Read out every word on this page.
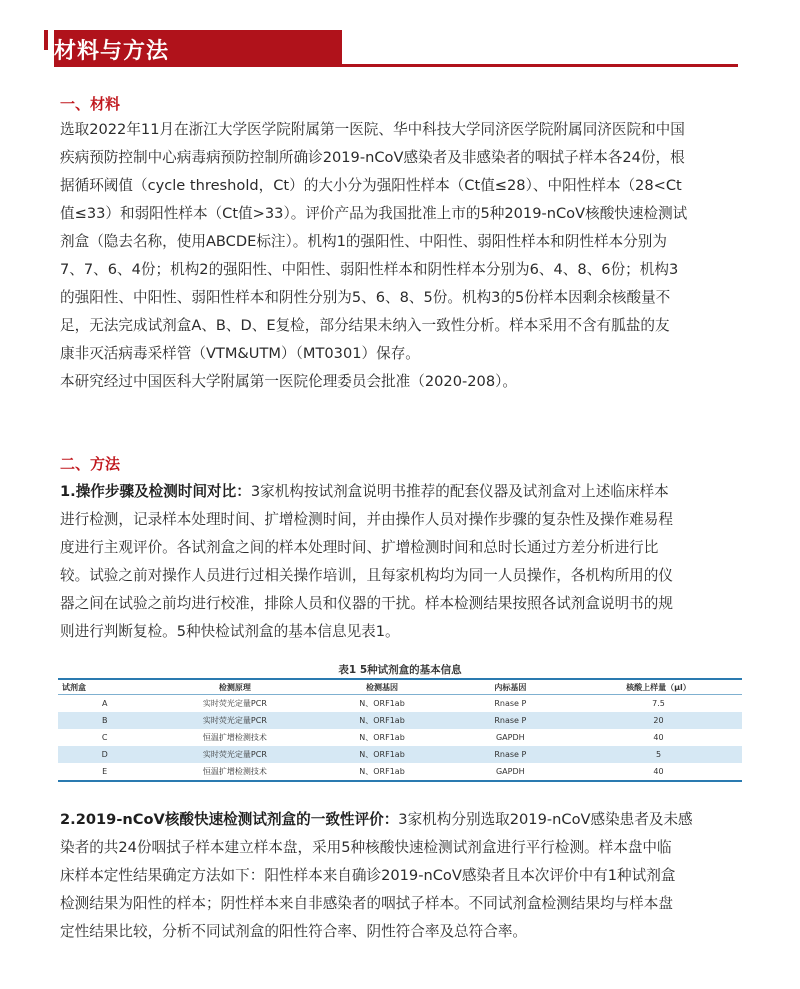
材料与方法
一、材料
选取2022年11月在浙江大学医学院附属第一医院、华中科技大学同济医学院附属同济医院和中国
疾病预防控制中心病毒病预防控制所确诊2019-nCoV感染者及非感染者的咽拭子样本各24份，根
据循环阈值（cycle threshold，Ct）的大小分为强阳性样本（Ct值≤28）、中阳性样本（28<Ct
值≤33）和弱阳性样本（Ct值>33）。评价产品为我国批准上市的5种2019-nCoV核酸快速检测试
剂盒（隐去名称，使用ABCDE标注）。机构1的强阳性、中阳性、弱阳性样本和阴性样本分别为
7、7、6、4份；机构2的强阳性、中阳性、弱阳性样本和阴性样本分别为6、4、8、6份；机构3
的强阳性、中阳性、弱阳性样本和阴性分别为5、6、8、5份。机构3的5份样本因剩余核酸量不
足，无法完成试剂盒A、B、D、E复检，部分结果未纳入一致性分析。样本采用不含有胍盐的友
康非灭活病毒采样管（VTM&UTM）（MT0301）保存。
本研究经过中国医科大学附属第一医院伦理委员会批准（2020-208）。
二、方法
1.操作步骤及检测时间对比：3家机构按试剂盒说明书推荐的配套仪器及试剂盒对上述临床样本
进行检测，记录样本处理时间、扩增检测时间，并由操作人员对操作步骤的复杂性及操作难易程
度进行主观评价。各试剂盒之间的样本处理时间、扩增检测时间和总时长通过方差分析进行比
较。试验之前对操作人员进行过相关操作培训，且每家机构均为同一人员操作，各机构所用的仪
器之间在试验之前均进行校准，排除人员和仪器的干扰。样本检测结果按照各试剂盒说明书的规
则进行判断复检。5种快检试剂盒的基本信息见表1。
表1 5种试剂盒的基本信息
试剂盒	检测原理	检测基因	内标基因	核酸上样量（μl）
A	实时荧光定量PCR	N、ORF1ab	Rnase P	7.5
B	实时荧光定量PCR	N、ORF1ab	Rnase P	20
C	恒温扩增检测技术	N、ORF1ab	GAPDH	40
D	实时荧光定量PCR	N、ORF1ab	Rnase P	5
E	恒温扩增检测技术	N、ORF1ab	GAPDH	40
2.2019-nCoV核酸快速检测试剂盒的一致性评价：3家机构分别选取2019-nCoV感染患者及未感
染者的共24份咽拭子样本建立样本盘，采用5种核酸快速检测试剂盒进行平行检测。样本盘中临
床样本定性结果确定方法如下：阳性样本来自确诊2019-nCoV感染者且本次评价中有1种试剂盒
检测结果为阳性的样本；阴性样本来自非感染者的咽拭子样本。不同试剂盒检测结果均与样本盘
定性结果比较，分析不同试剂盒的阳性符合率、阴性符合率及总符合率。
